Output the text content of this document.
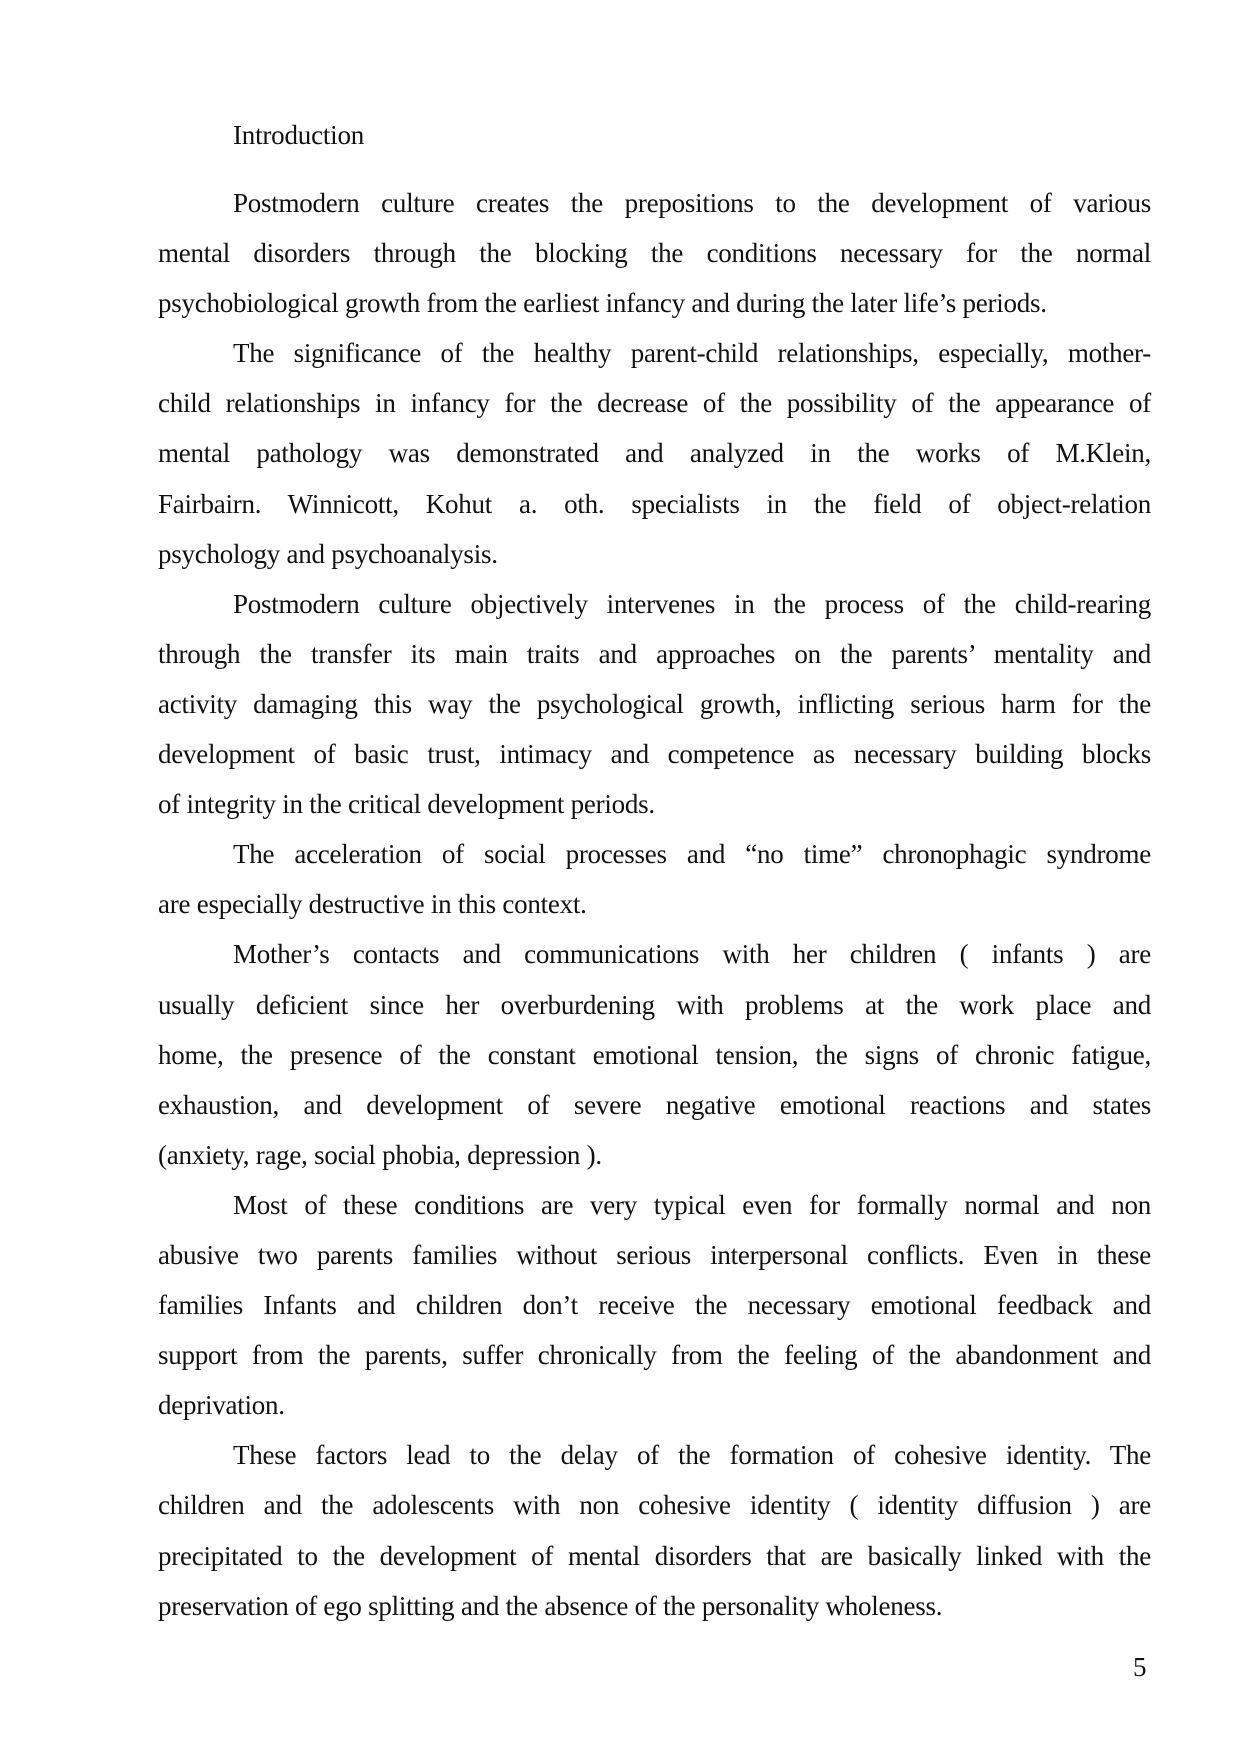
Introduction
Postmodern culture creates the prepositions to the development of various
mental disorders through the blocking the conditions necessary for the normal
psychobiological growth from the earliest infancy and during the later life’s periods.
The significance of the healthy parent-child relationships, especially, mother-
child relationships in infancy for the decrease of the possibility of the appearance of
mental pathology was demonstrated and analyzed in the works of M.Klein,
Fairbairn. Winnicott, Kohut a. oth. specialists in the field of object-relation
psychology and psychoanalysis.
Postmodern culture objectively intervenes in the process of the child-rearing
through the transfer its main traits and approaches on the parents’ mentality and
activity damaging this way the psychological growth, inflicting serious harm for the
development of basic trust, intimacy and competence as necessary building blocks
of integrity in the critical development periods.
The acceleration of social processes and “no time” chronophagic syndrome
are especially destructive in this context.
Mother’s contacts and communications with her children ( infants ) are
usually deficient since her overburdening with problems at the work place and
home, the presence of the constant emotional tension, the signs of chronic fatigue,
exhaustion, and development of severe negative emotional reactions and states
(anxiety, rage, social phobia, depression ).
Most of these conditions are very typical even for formally normal and non
abusive two parents families without serious interpersonal conflicts. Even in these
families Infants and children don’t receive the necessary emotional feedback and
support from the parents, suffer chronically from the feeling of the abandonment and
deprivation.
These factors lead to the delay of the formation of cohesive identity. The
children and the adolescents with non cohesive identity ( identity diffusion ) are
precipitated to the development of mental disorders that are basically linked with the
preservation of ego splitting and the absence of the personality wholeness.
5
